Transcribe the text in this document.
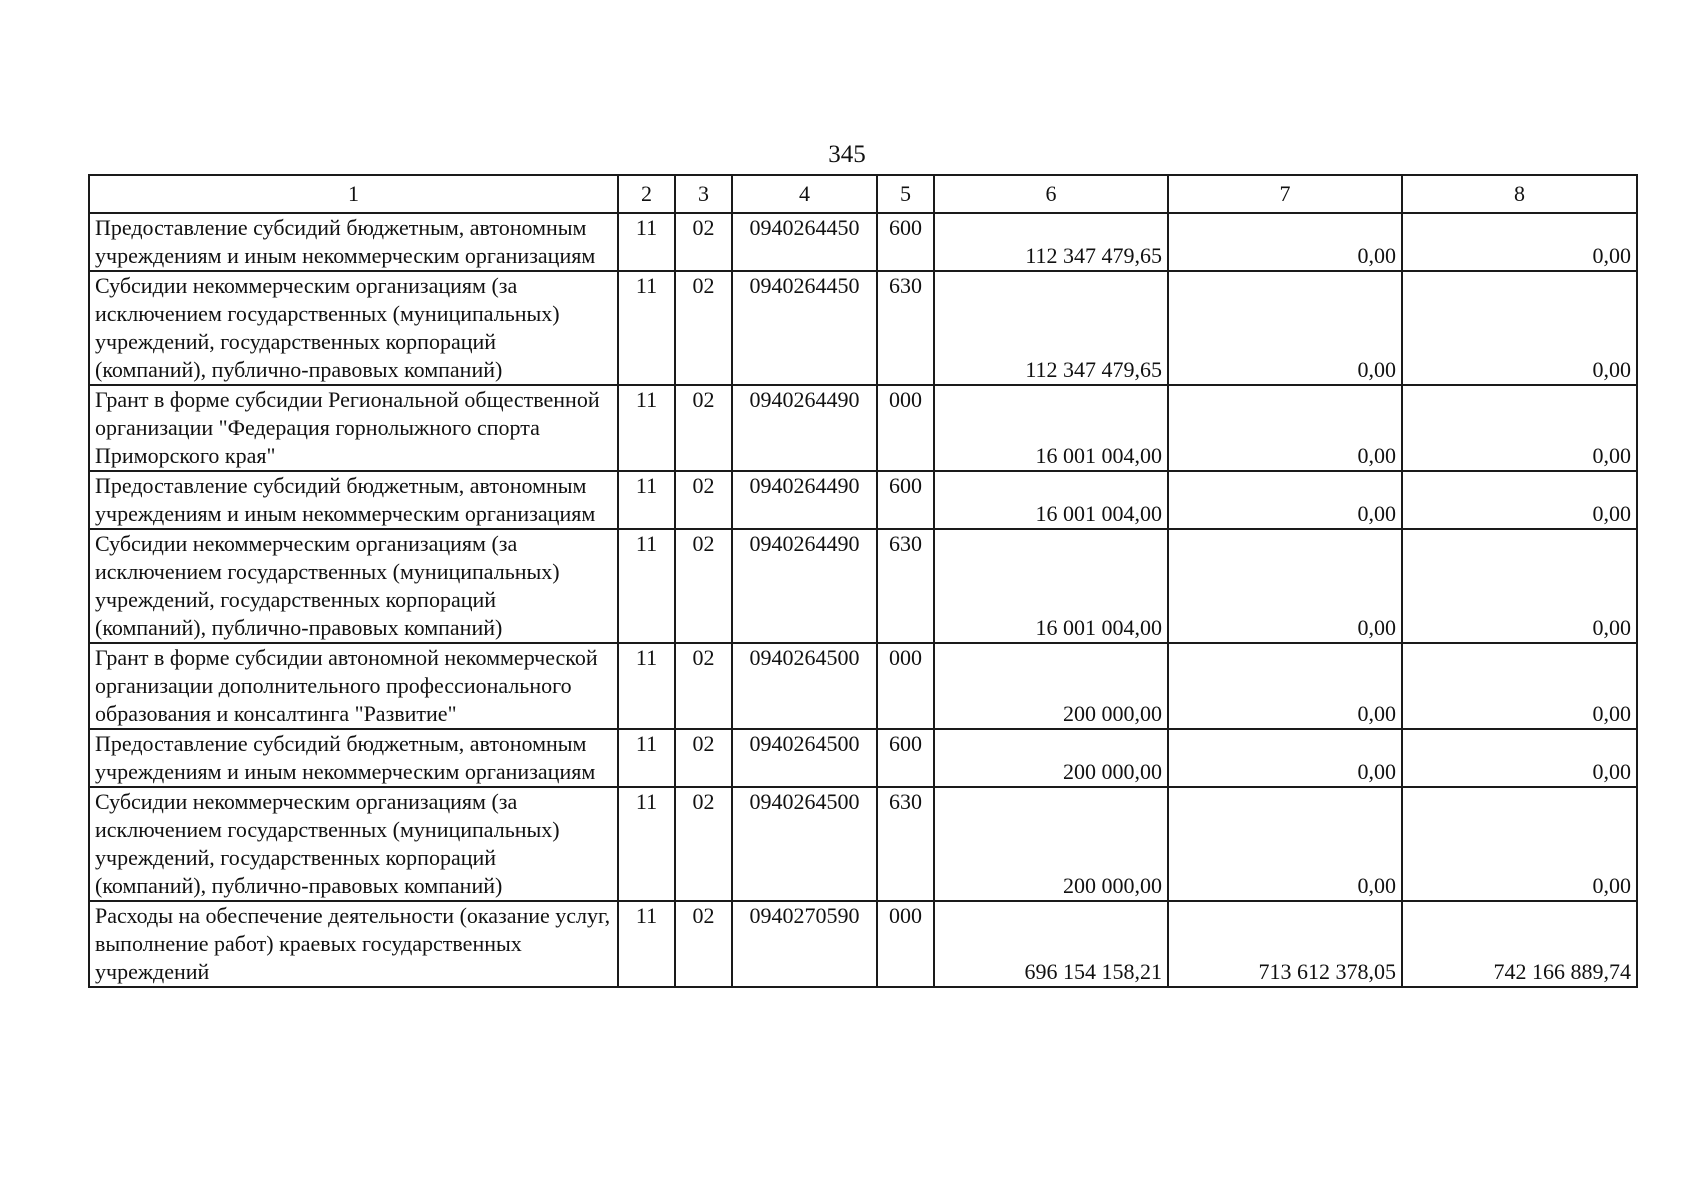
345
1	2	3	4	5	6	7	8
Предоставление субсидий бюджетным, автономным учреждениям и иным некоммерческим организациям	11	02	0940264450	600	112 347 479,65	0,00	0,00
Субсидии некоммерческим организациям (за исключением государственных (муниципальных) учреждений, государственных корпораций (компаний), публично-правовых компаний)	11	02	0940264450	630	112 347 479,65	0,00	0,00
Грант в форме субсидии Региональной общественной организации "Федерация горнолыжного спорта Приморского края"	11	02	0940264490	000	16 001 004,00	0,00	0,00
Предоставление субсидий бюджетным, автономным учреждениям и иным некоммерческим организациям	11	02	0940264490	600	16 001 004,00	0,00	0,00
Субсидии некоммерческим организациям (за исключением государственных (муниципальных) учреждений, государственных корпораций (компаний), публично-правовых компаний)	11	02	0940264490	630	16 001 004,00	0,00	0,00
Грант в форме субсидии автономной некоммерческой организации дополнительного профессионального образования и консалтинга "Развитие"	11	02	0940264500	000	200 000,00	0,00	0,00
Предоставление субсидий бюджетным, автономным учреждениям и иным некоммерческим организациям	11	02	0940264500	600	200 000,00	0,00	0,00
Субсидии некоммерческим организациям (за исключением государственных (муниципальных) учреждений, государственных корпораций (компаний), публично-правовых компаний)	11	02	0940264500	630	200 000,00	0,00	0,00
Расходы на обеспечение деятельности (оказание услуг, выполнение работ) краевых государственных учреждений	11	02	0940270590	000	696 154 158,21	713 612 378,05	742 166 889,74
